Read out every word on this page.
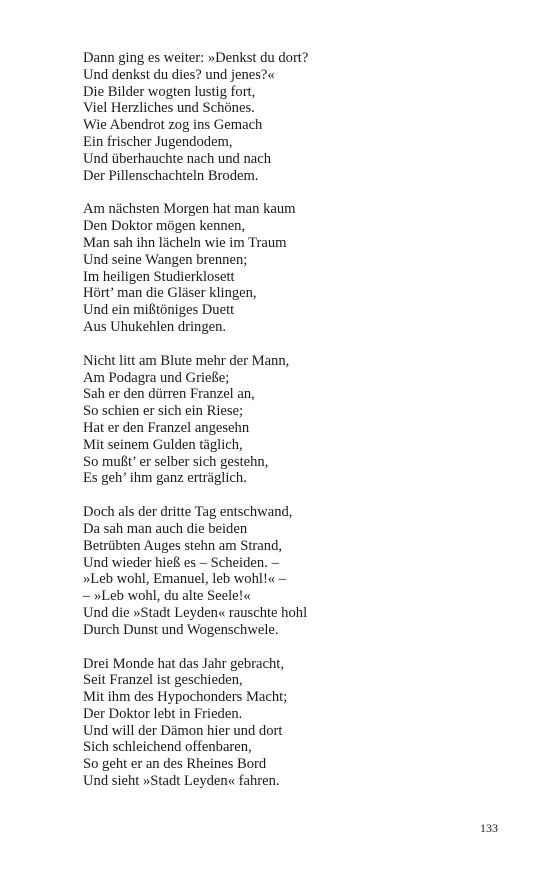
Dann ging es weiter: »Denkst du dort?
Und denkst du dies? und jenes?«
Die Bilder wogten lustig fort,
Viel Herzliches und Schönes.
Wie Abendrot zog ins Gemach
Ein frischer Jugendodem,
Und überhauchte nach und nach
Der Pillenschachteln Brodem.
Am nächsten Morgen hat man kaum
Den Doktor mögen kennen,
Man sah ihn lächeln wie im Traum
Und seine Wangen brennen;
Im heiligen Studierklosett
Hört’ man die Gläser klingen,
Und ein mißtöniges Duett
Aus Uhukehlen dringen.
Nicht litt am Blute mehr der Mann,
Am Podagra und Grieße;
Sah er den dürren Franzel an,
So schien er sich ein Riese;
Hat er den Franzel angesehn
Mit seinem Gulden täglich,
So mußt’ er selber sich gestehn,
Es geh’ ihm ganz erträglich.
Doch als der dritte Tag entschwand,
Da sah man auch die beiden
Betrübten Auges stehn am Strand,
Und wieder hieß es – Scheiden. –
»Leb wohl, Emanuel, leb wohl!« –
– »Leb wohl, du alte Seele!«
Und die »Stadt Leyden« rauschte hohl
Durch Dunst und Wogenschwele.
Drei Monde hat das Jahr gebracht,
Seit Franzel ist geschieden,
Mit ihm des Hypochonders Macht;
Der Doktor lebt in Frieden.
Und will der Dämon hier und dort
Sich schleichend offenbaren,
So geht er an des Rheines Bord
Und sieht »Stadt Leyden« fahren.
133
